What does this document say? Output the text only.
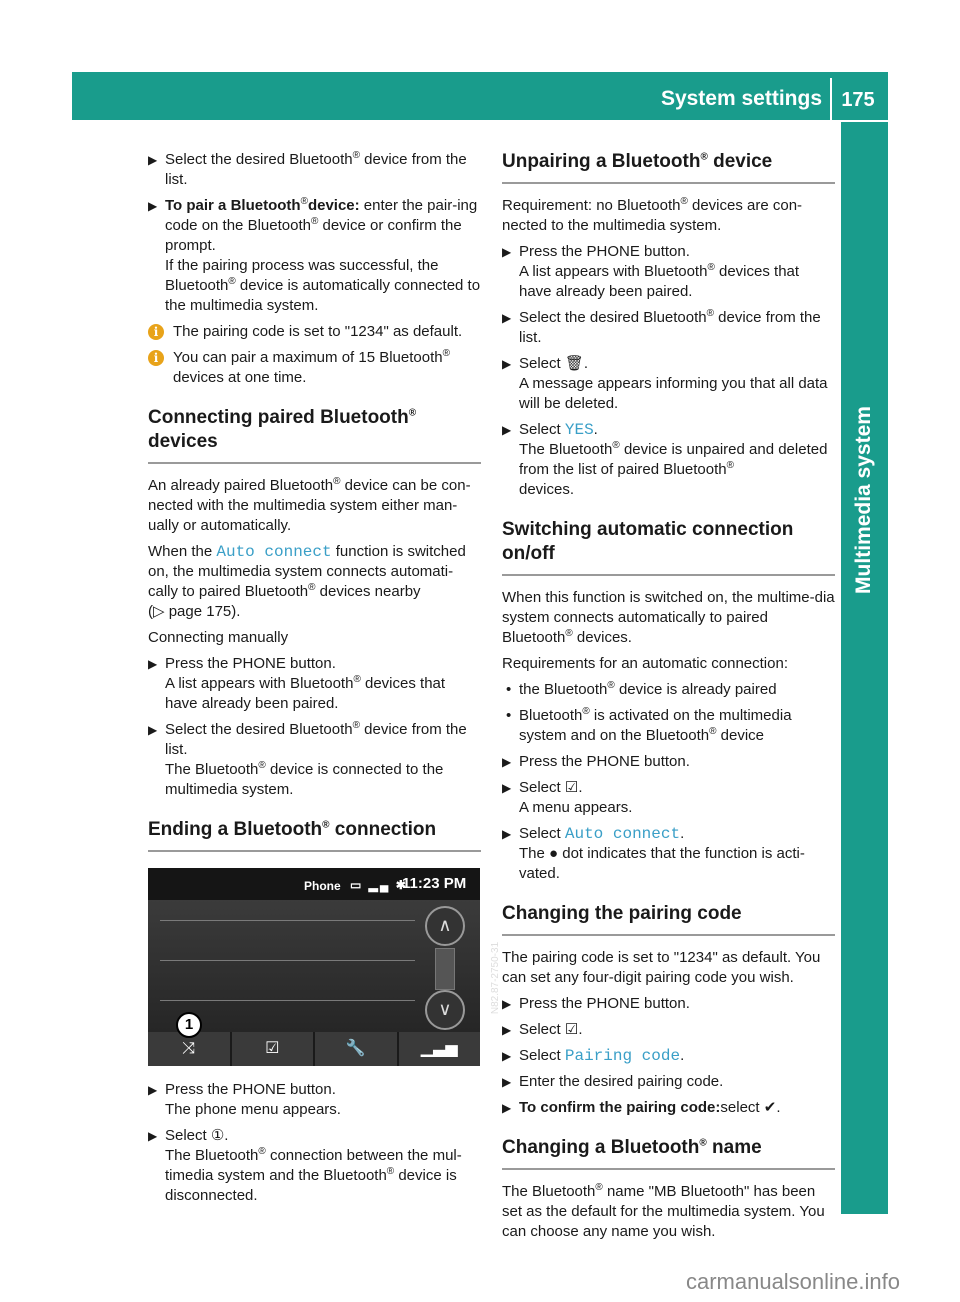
System settings 175
Multimedia system
▶ Select the desired Bluetooth® device from the list.

▶ To pair a Bluetooth®device: enter the pair-ing code on the Bluetooth® device or confirm the prompt.

If the pairing process was successful, the Bluetooth® device is automatically connected to the multimedia system.

i The pairing code is set to "1234" as default.

i You can pair a maximum of 15 Bluetooth®
devices at one time.

Connecting paired Bluetooth® devices

An already paired Bluetooth® device can be con-nected with the multimedia system either man-ually or automatically.

When the Auto connect function is switched on, the multimedia system connects automati-cally to paired Bluetooth® devices nearby
(▷ page 175).

Connecting manually

▶ Press the PHONE button.

A list appears with Bluetooth® devices that have already been paired.

▶ Select the desired Bluetooth® device from the list.

The Bluetooth® device is connected to the multimedia system.

Ending a Bluetooth® connection
Phone ▭ ▂▄ ✱
11:23 PM
∧
∨
⤨	☑	🔧	▁▃▅
1
N82.87-2750-31
▶ Press the PHONE button.

The phone menu appears.

▶ Select ①.

The Bluetooth® connection between the mul-timedia system and the Bluetooth® device is disconnected.

Unpairing a Bluetooth® device

Requirement: no Bluetooth® devices are con-nected to the multimedia system.

▶ Press the PHONE button.

A list appears with Bluetooth® devices that have already been paired.

▶ Select the desired Bluetooth® device from the list.

▶ Select 🗑.

A message appears informing you that all data will be deleted.

▶ Select YES.

The Bluetooth® device is unpaired and deleted from the list of paired Bluetooth®
devices.

Switching automatic connection on/off

When this function is switched on, the multime-dia system connects automatically to paired Bluetooth® devices.

Requirements for an automatic connection:

• the Bluetooth® device is already paired

• Bluetooth® is activated on the multimedia system and on the Bluetooth® device

▶ Press the PHONE button.

▶ Select ☑.

A menu appears.

▶ Select Auto connect.

The ● dot indicates that the function is acti-vated.

Changing the pairing code

The pairing code is set to "1234" as default. You can set any four-digit pairing code you wish.

▶ Press the PHONE button.

▶ Select ☑.

▶ Select Pairing code.

▶ Enter the desired pairing code.

▶ To confirm the pairing code:select ✔.

Changing a Bluetooth® name

The Bluetooth® name "MB Bluetooth" has been set as the default for the multimedia system. You can choose any name you wish.

carmanualsonline.info
